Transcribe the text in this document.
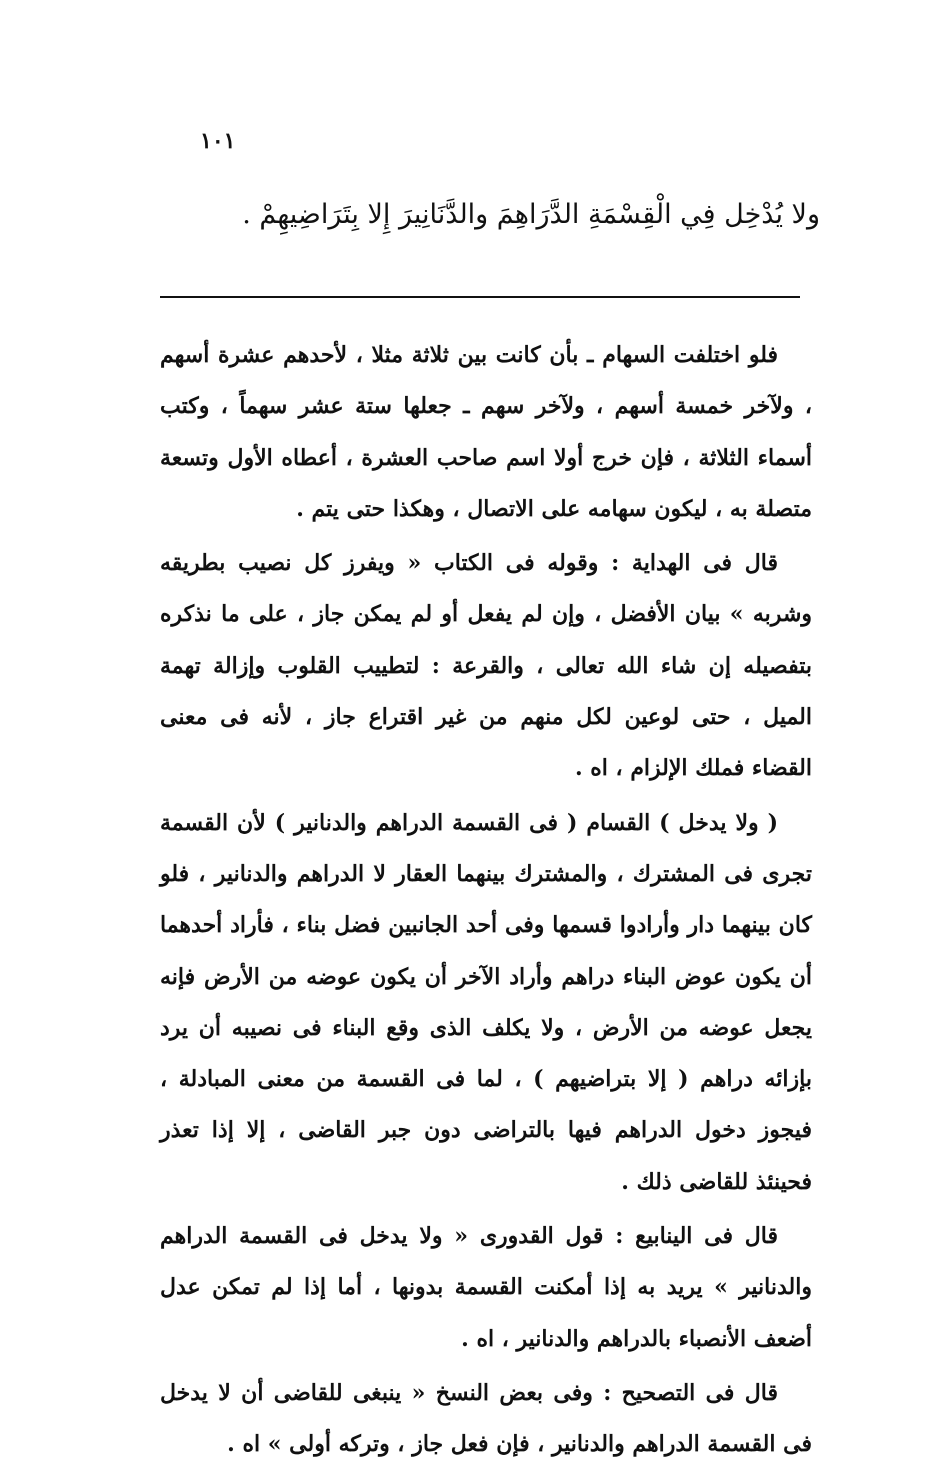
١٠١
ولا يُدْخِل فِي الْقِسْمَةِ الدَّرَاهِمَ والدَّنَانِيرَ إِلا بِتَرَاضِيهِمْ .

فلو اختلفت السهام ـ بأن كانت بين ثلاثة مثلا ، لأحدهم عشرة أسهم ، ولآخر خمسة أسهم ، ولآخر سهم ـ جعلها ستة عشر سهماً ، وكتب أسماء الثلاثة ، فإن خرج أولا اسم صاحب العشرة ، أعطاه الأول وتسعة متصلة به ، ليكون سهامه على الاتصال ، وهكذا حتى يتم .

قال فى الهداية : وقوله فى الكتاب « ويفرز كل نصيب بطريقه وشربه » بيان الأفضل ، وإن لم يفعل أو لم يمكن جاز ، على ما نذكره بتفصيله إن شاء الله تعالى ، والقرعة : لتطييب القلوب وإزالة تهمة الميل ، حتى لوعين لكل منهم من غير اقتراع جاز ، لأنه فى معنى القضاء فملك الإلزام ، اه .

( ولا يدخل ) القسام ( فى القسمة الدراهم والدنانير ) لأن القسمة تجرى فى المشترك ، والمشترك بينهما العقار لا الدراهم والدنانير ، فلو كان بينهما دار وأرادوا قسمها وفى أحد الجانبين فضل بناء ، فأراد أحدهما أن يكون عوض البناء دراهم وأراد الآخر أن يكون عوضه من الأرض فإنه يجعل عوضه من الأرض ، ولا يكلف الذى وقع البناء فى نصيبه أن يرد بإزائه دراهم ( إلا بتراضيهم ) ، لما فى القسمة من معنى المبادلة ، فيجوز دخول الدراهم فيها بالتراضى دون جبر القاضى ، إلا إذا تعذر فحينئذ للقاضى ذلك .

قال فى الينابيع : قول القدورى « ولا يدخل فى القسمة الدراهم والدنانير » يريد به إذا أمكنت القسمة بدونها ، أما إذا لم تمكن عدل أضعف الأنصباء بالدراهم والدنانير ، اه .

قال فى التصحيح : وفى بعض النسخ « ينبغى للقاضى أن لا يدخل فى القسمة الدراهم والدنانير ، فإن فعل جاز ، وتركه أولى » اه .
